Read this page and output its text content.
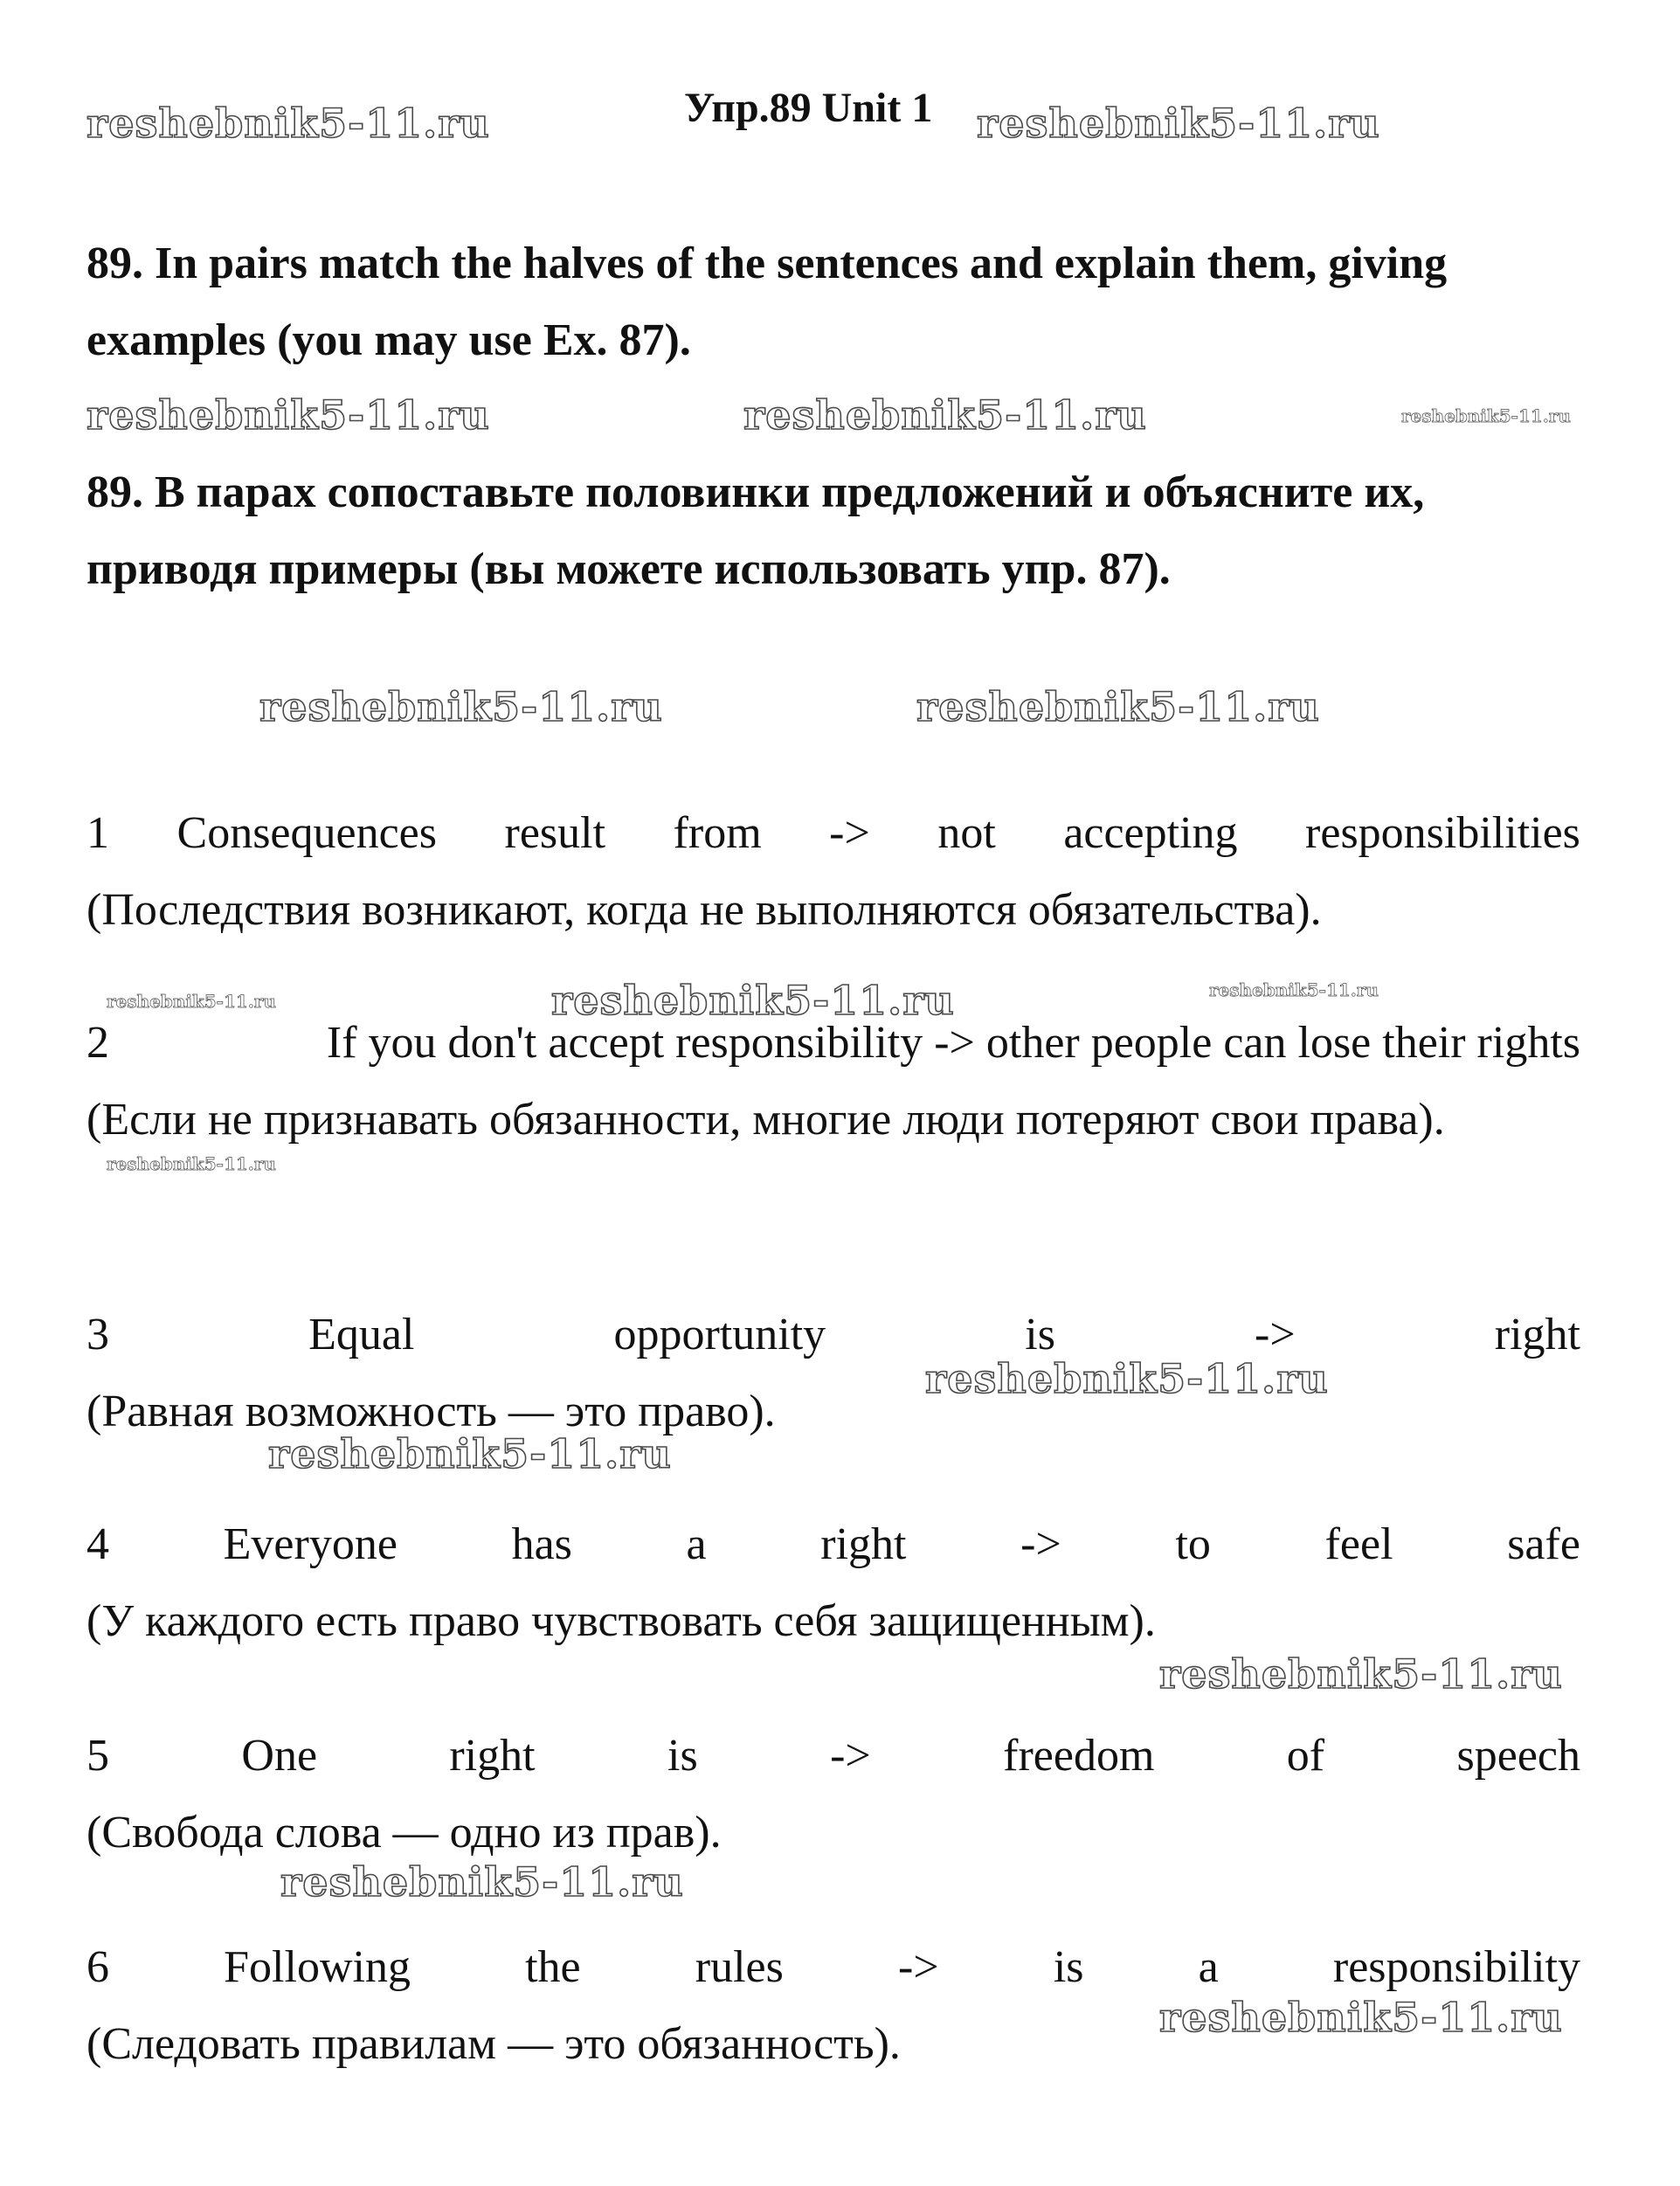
reshebnik5-11.ru	Упр.89 Unit 1 reshebnik5-11.ru
89. In pairs match the halves of the sentences and explain them, giving examples (you may use Ex. 87).
reshebnik5-11.ru	reshebnik5-11.ru	reshebnik5-11.ru
89. В парах сопоставьте половинки предложений и объясните их, приводя примеры (вы можете использовать упр. 87).
reshebnik5-11.ru	reshebnik5-11.ru
1 Consequences result from -> not accepting responsibilities
(Последствия возникают, когда не выполняются обязательства).
reshebnik5-11.ru	reshebnik5-11.ru	reshebnik5-11.ru
2	If you don't accept responsibility -> other people can lose their rights
(Если не признавать обязанности, многие люди потеряют свои права).
reshebnik5-11.ru
3	Equal	opportunity	is	->	right
(Равная возможность — это право).
reshebnik5-11.ru
reshebnik5-11.ru
4	Everyone	has	a	right	->	to	feel	safe
(У каждого есть право чувствовать себя защищенным).
reshebnik5-11.ru
5	One	right	is	->	freedom	of	speech
(Свобода слова — одно из прав).
reshebnik5-11.ru
6	Following	the	rules	->	is	a	responsibility
(Следовать правилам — это обязанность).
reshebnik5-11.ru
